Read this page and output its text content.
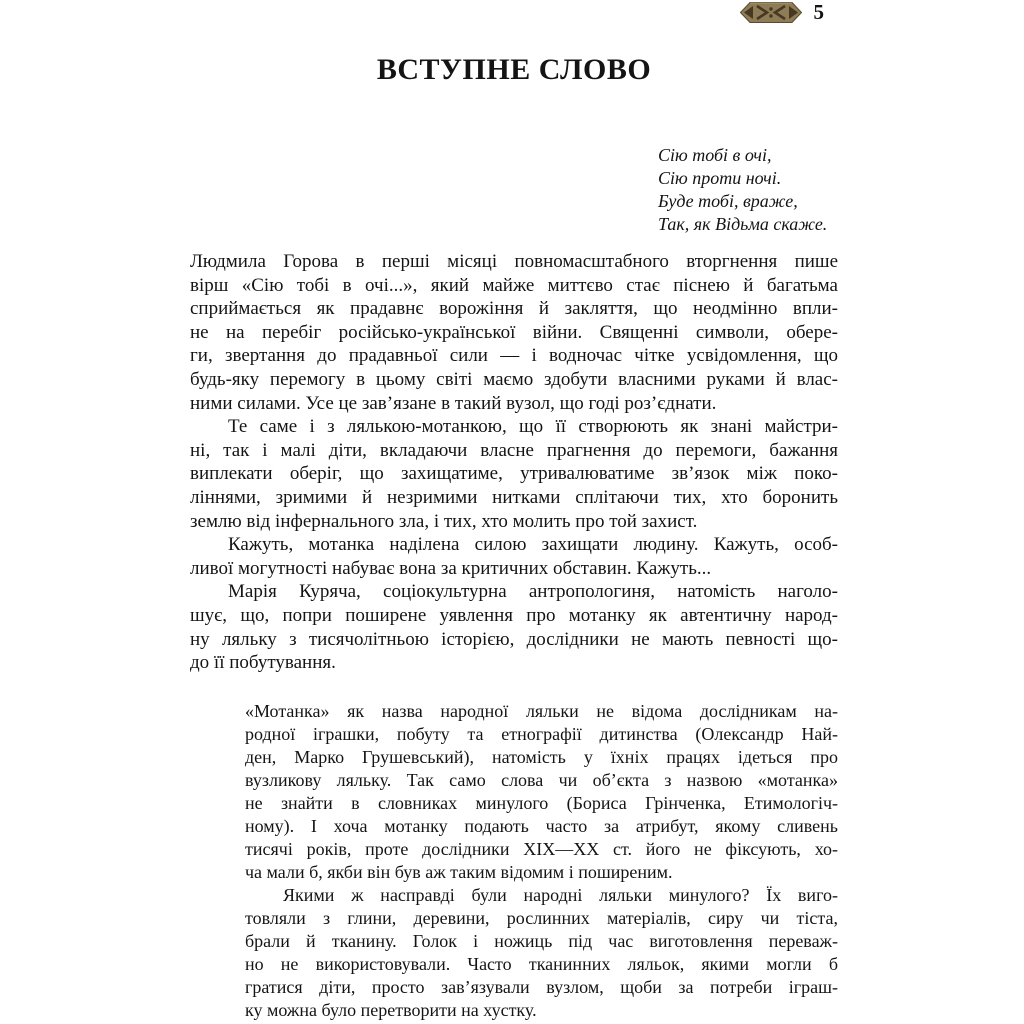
5
ВСТУПНЕ СЛОВО
Сію тобі в очі,
Сію проти ночі.
Буде тобі, враже,
Так, як Відьма скаже.
Людмила Горова в перші місяці повномасштабного вторгнення пише
вірш «Сію тобі в очі...», який майже миттєво стає піснею й багатьма
сприймається як прадавнє ворожіння й закляття, що неодмінно впли-
не на перебіг російсько-української війни. Священні символи, обере-
ги, звертання до прадавньої сили — і водночас чітке усвідомлення, що
будь-яку перемогу в цьому світі маємо здобути власними руками й влас-
ними силами. Усе це зав’язане в такий вузол, що годі роз’єднати.
Те саме і з лялькою-мотанкою, що її створюють як знані майстри-
ні, так і малі діти, вкладаючи власне прагнення до перемоги, бажання
виплекати оберіг, що захищатиме, утривалюватиме зв’язок між поко-
ліннями, зримими й незримими нитками сплітаючи тих, хто боронить
землю від інфернального зла, і тих, хто молить про той захист.
Кажуть, мотанка наділена силою захищати людину. Кажуть, особ-
ливої могутності набуває вона за критичних обставин. Кажуть...
Марія Куряча, соціокультурна антропологиня, натомість наголо-
шує, що, попри поширене уявлення про мотанку як автентичну народ-
ну ляльку з тисячолітньою історією, дослідники не мають певності що-
до її побутування.
«Мотанка» як назва народної ляльки не відома дослідникам на-
родної іграшки, побуту та етнографії дитинства (Олександр Най-
ден, Марко Грушевський), натомість у їхніх працях ідеться про
вузликову ляльку. Так само слова чи об’єкта з назвою «мотанка»
не знайти в словниках минулого (Бориса Грінченка, Етимологіч-
ному). І хоча мотанку подають часто за атрибут, якому сливень
тисячі років, проте дослідники XIX—XX ст. його не фіксують, хо-
ча мали б, якби він був аж таким відомим і поширеним.
Якими ж насправді були народні ляльки минулого? Їх виго-
товляли з глини, деревини, рослинних матеріалів, сиру чи тіста,
брали й тканину. Голок і ножиць під час виготовлення переваж-
но не використовували. Часто тканинних ляльок, якими могли б
гратися діти, просто зав’язували вузлом, щоби за потреби іграш-
ку можна було перетворити на хустку.
